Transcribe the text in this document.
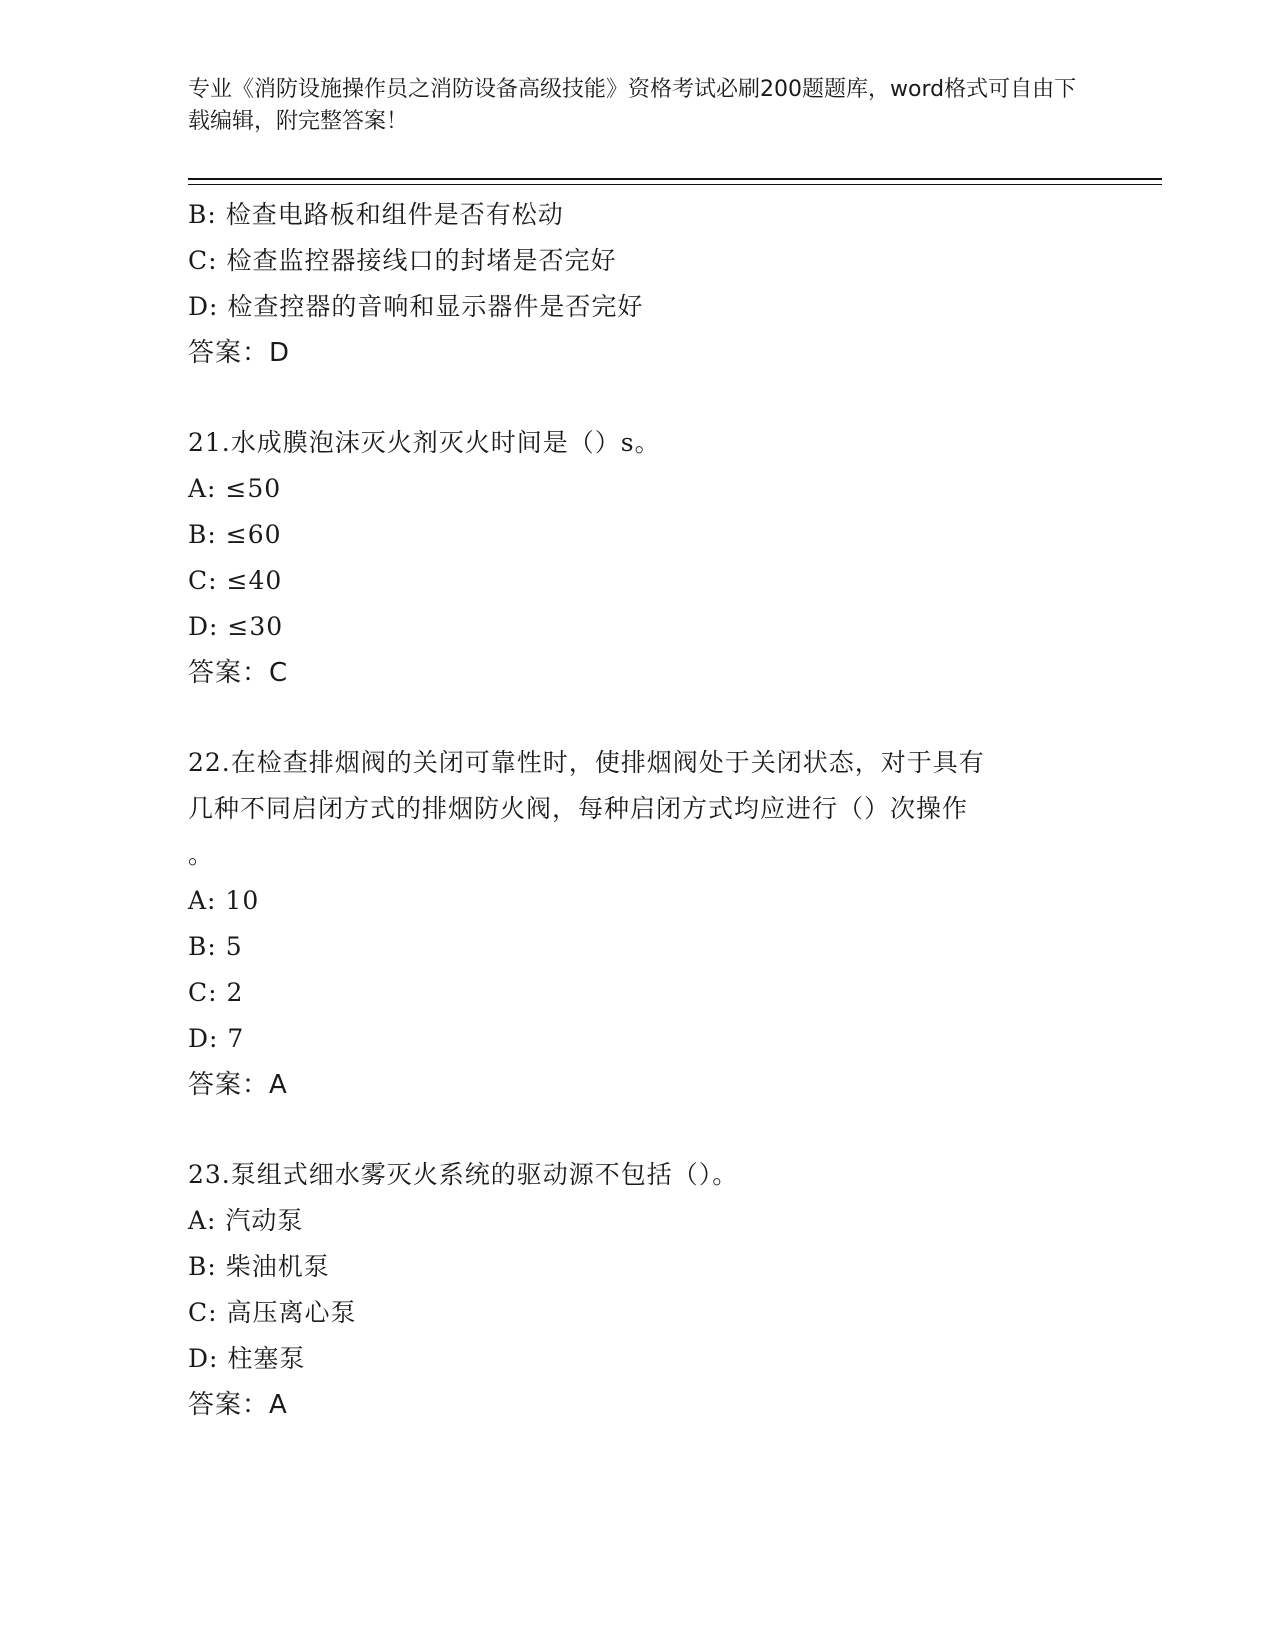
专业《消防设施操作员之消防设备高级技能》资格考试必刷200题题库，word格式可自由下载编辑，附完整答案！
B: 检查电路板和组件是否有松动
C: 检查监控器接线口的封堵是否完好
D: 检查控器的音响和显示器件是否完好
答案：D
21.水成膜泡沫灭火剂灭火时间是（）s。
A: ≤50
B: ≤60
C: ≤40
D: ≤30
答案：C
22.在检查排烟阀的关闭可靠性时，使排烟阀处于关闭状态，对于具有
几种不同启闭方式的排烟防火阀，每种启闭方式均应进行（）次操作
。
A: 10
B: 5
C: 2
D: 7
答案：A
23.泵组式细水雾灭火系统的驱动源不包括（）。
A: 汽动泵
B: 柴油机泵
C: 高压离心泵
D: 柱塞泵
答案：A
